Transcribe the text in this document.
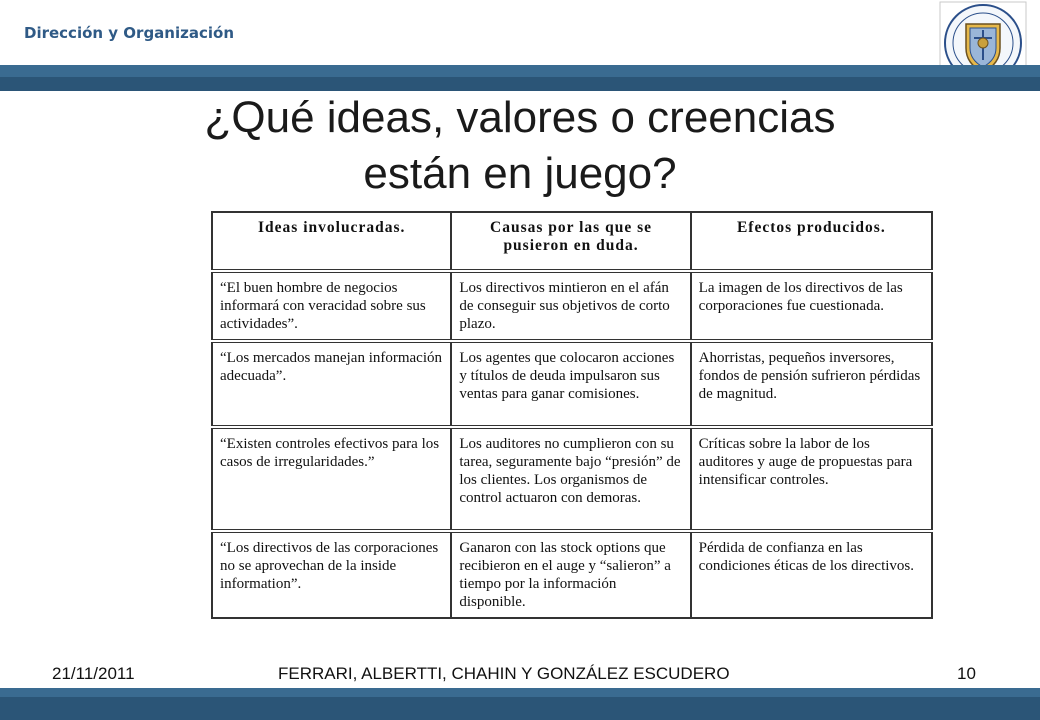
Dirección y Organización
¿Qué ideas, valores o creencias
están en juego?
Ideas involucradas.	Causas por las que se pusieron en duda.	Efectos producidos.
“El buen hombre de negocios informará con veracidad sobre sus actividades”.	Los directivos mintieron en el afán de conseguir sus objetivos de corto plazo.	La imagen de los directivos de las corporaciones fue cuestionada.
“Los mercados manejan información adecuada”.	Los agentes que colocaron acciones y títulos de deuda impulsaron sus ventas para ganar comisiones.	Ahorristas, pequeños inversores, fondos de pensión sufrieron pérdidas de magnitud.
“Existen controles efectivos para los casos de irregularidades.”	Los auditores no cumplieron con su tarea, seguramente bajo “presión” de los clientes. Los organismos de control actuaron con demoras.	Críticas sobre la labor de los auditores y auge de propuestas para intensificar controles.
“Los directivos de las corporaciones no se aprovechan de la inside information”.	Ganaron con las stock options que recibieron en el auge y “salieron” a tiempo por la información disponible.	Pérdida de confianza en las condiciones éticas de los directivos.
21/11/2011	FERRARI, ALBERTTI, CHAHIN Y GONZÁLEZ ESCUDERO	10
